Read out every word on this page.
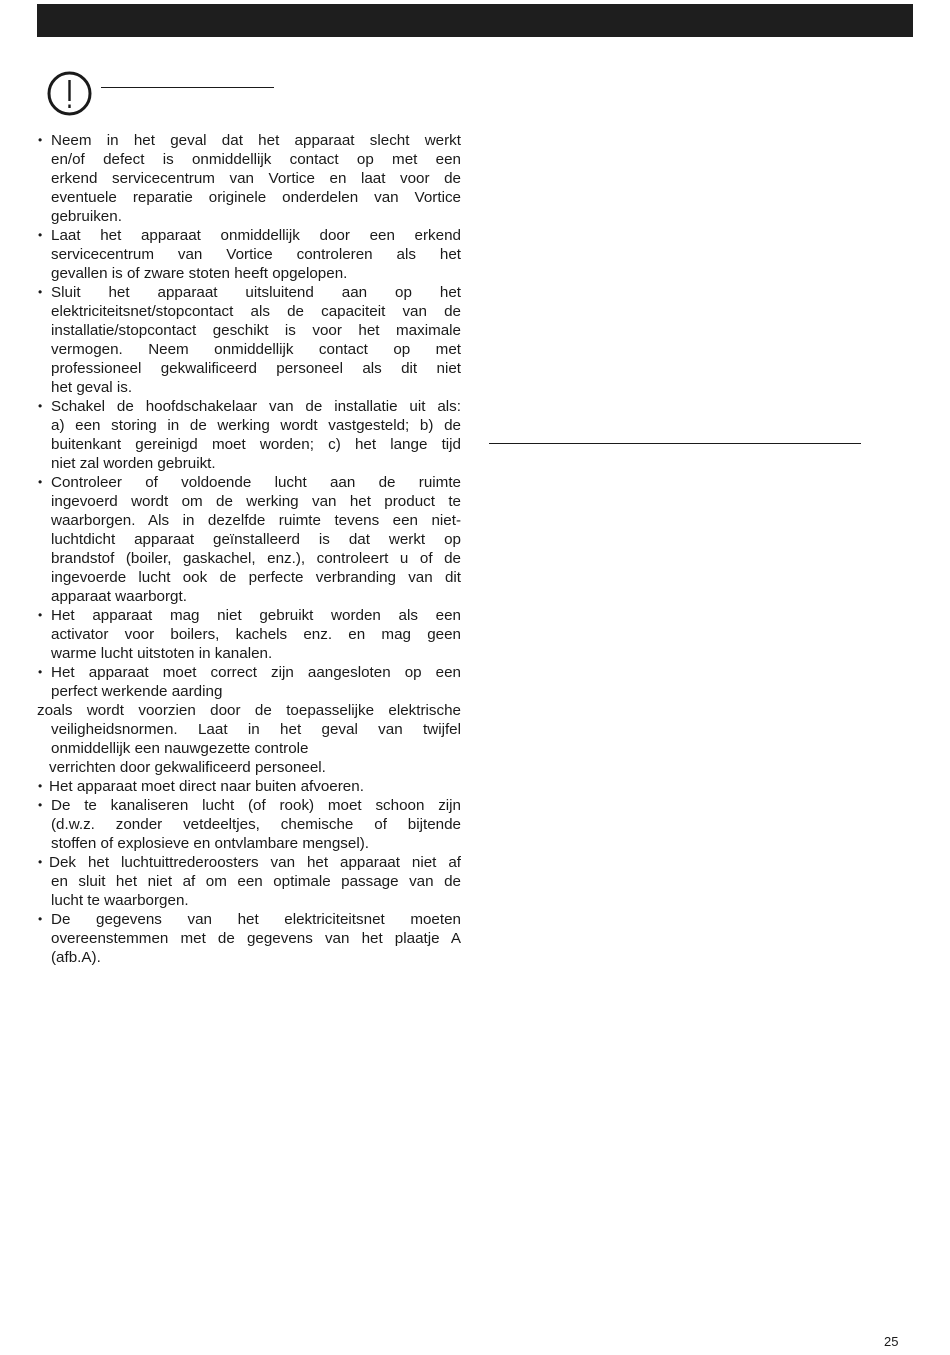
• Neem in het geval dat het apparaat slecht werkt
en/of defect is onmiddellijk contact op met een
erkend servicecentrum van Vortice en laat voor de
eventuele reparatie originele onderdelen van Vortice
gebruiken.
• Laat het apparaat onmiddellijk door een erkend
servicecentrum van Vortice controleren als het
gevallen is of zware stoten heeft opgelopen.
• Sluit het apparaat uitsluitend aan op het
elektriciteitsnet/stopcontact als de capaciteit van de
installatie/stopcontact geschikt is voor het maximale
vermogen. Neem onmiddellijk contact op met
professioneel gekwalificeerd personeel als dit niet
het geval is.
• Schakel de hoofdschakelaar van de installatie uit als:
a) een storing in de werking wordt vastgesteld; b) de
buitenkant gereinigd moet worden; c) het lange tijd
niet zal worden gebruikt.
• Controleer of voldoende lucht aan de ruimte
ingevoerd wordt om de werking van het product te
waarborgen. Als in dezelfde ruimte tevens een niet-
luchtdicht apparaat geïnstalleerd is dat werkt op
brandstof (boiler, gaskachel, enz.), controleert u of de
ingevoerde lucht ook de perfecte verbranding van dit
apparaat waarborgt.
• Het apparaat mag niet gebruikt worden als een
activator voor boilers, kachels enz. en mag geen
warme lucht uitstoten in kanalen.
• Het apparaat moet correct zijn aangesloten op een
perfect werkende aarding
zoals wordt voorzien door de toepasselijke elektrische
veiligheidsnormen. Laat in het geval van twijfel
onmiddellijk een nauwgezette controle
verrichten door gekwalificeerd personeel.
• Het apparaat moet direct naar buiten afvoeren.
• De te kanaliseren lucht (of rook) moet schoon zijn
(d.w.z. zonder vetdeeltjes, chemische of bijtende
stoffen of explosieve en ontvlambare mengsel).
• Dek het luchtuittrederoosters van het apparaat niet af
en sluit het niet af om een optimale passage van de
lucht te waarborgen.
• De gegevens van het elektriciteitsnet moeten
overeenstemmen met de gegevens van het plaatje A
(afb.A).
25
